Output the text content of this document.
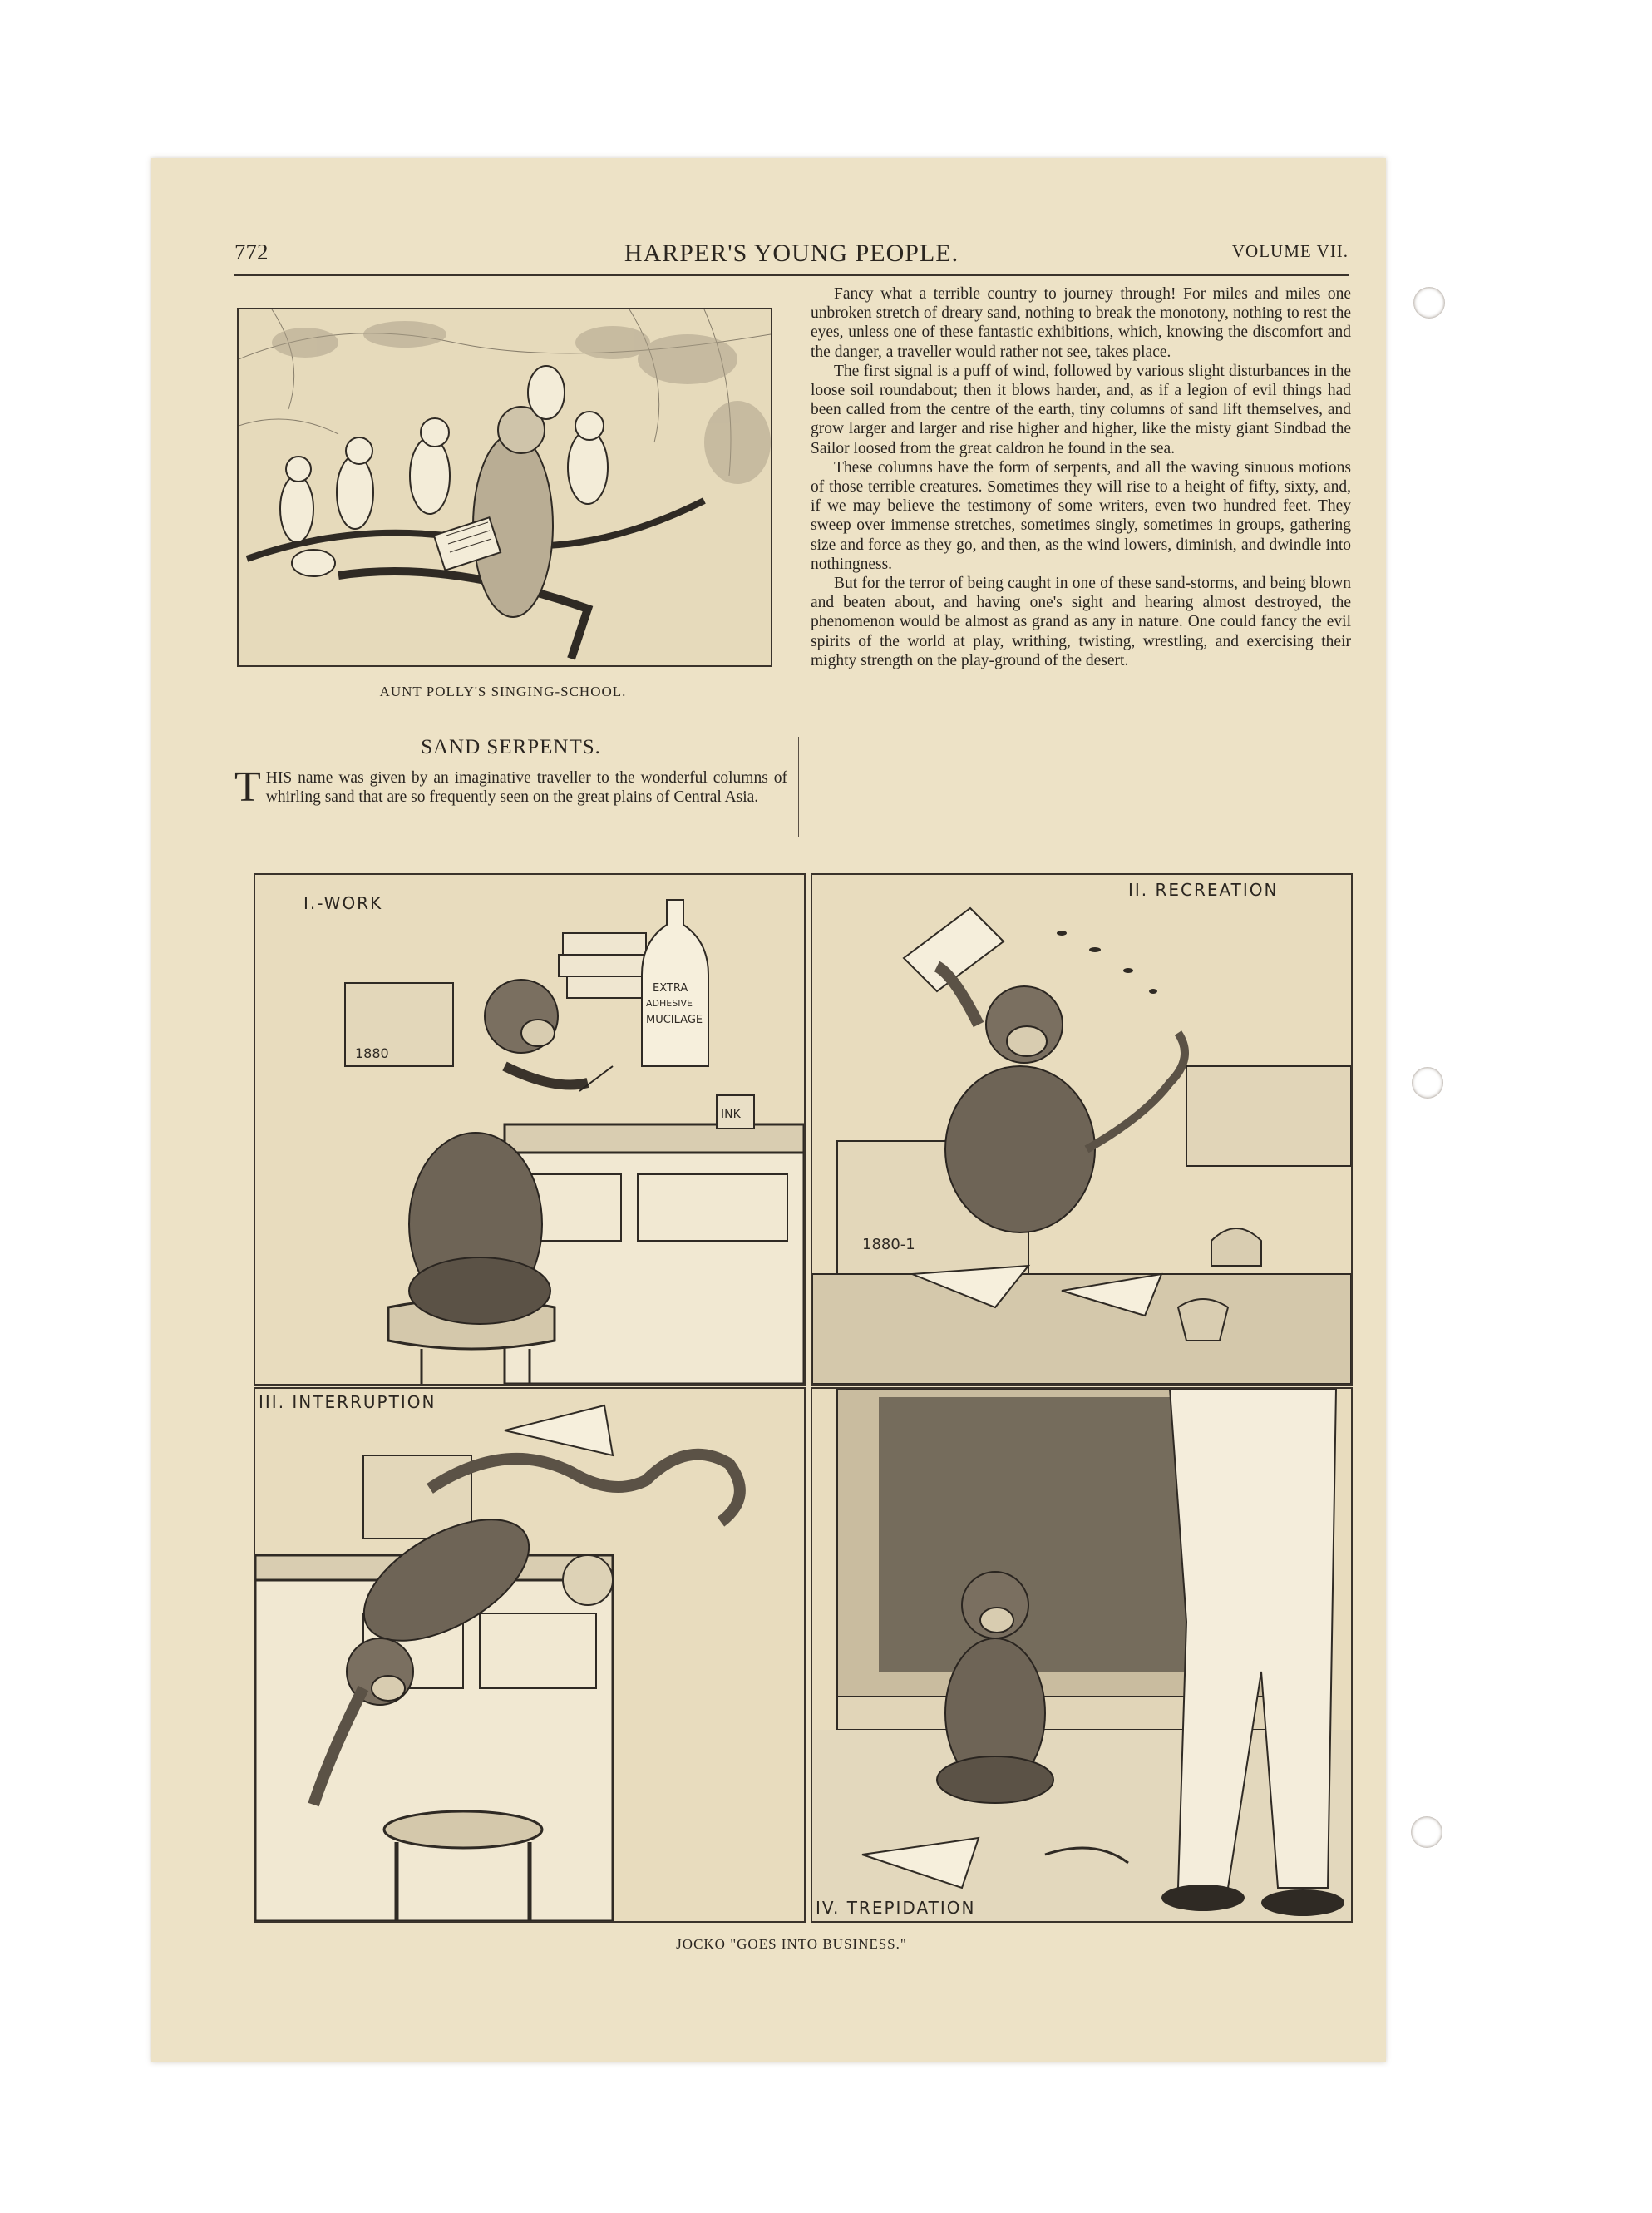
772	HARPER'S YOUNG PEOPLE.	VOLUME VII.
AUNT POLLY'S SINGING-SCHOOL.
SAND SERPENTS.
T HIS name was given by an imaginative traveller to the wonderful columns of whirling sand that are so frequently seen on the great plains of Central Asia.

Fancy what a terrible country to journey through! For miles and miles one unbroken stretch of dreary sand, nothing to break the monotony, nothing to rest the eyes, unless one of these fantastic exhibitions, which, knowing the discomfort and the danger, a traveller would rather not see, takes place.

The first signal is a puff of wind, followed by various slight disturbances in the loose soil roundabout; then it blows harder, and, as if a legion of evil things had been called from the centre of the earth, tiny columns of sand lift themselves, and grow larger and larger and rise higher and higher, like the misty giant Sindbad the Sailor loosed from the great caldron he found in the sea.

These columns have the form of serpents, and all the waving sinuous motions of those terrible creatures. Sometimes they will rise to a height of fifty, sixty, and, if we may believe the testimony of some writers, even two hundred feet. They sweep over immense stretches, sometimes singly, sometimes in groups, gathering size and force as they go, and then, as the wind lowers, diminish, and dwindle into nothingness.

But for the terror of being caught in one of these sand-storms, and being blown and beaten about, and having one's sight and hearing almost destroyed, the phenomenon would be almost as grand as any in nature. One could fancy the evil spirits of the world at play, writhing, twisting, wrestling, and exercising their mighty strength on the play-ground of the desert.

1880
EXTRA
ADHESIVE
MUCILAGE
INK
I.-WORK
1880-1
II. RECREATION
III. INTERRUPTION
IV. TREPIDATION
JOCKO "GOES INTO BUSINESS."
